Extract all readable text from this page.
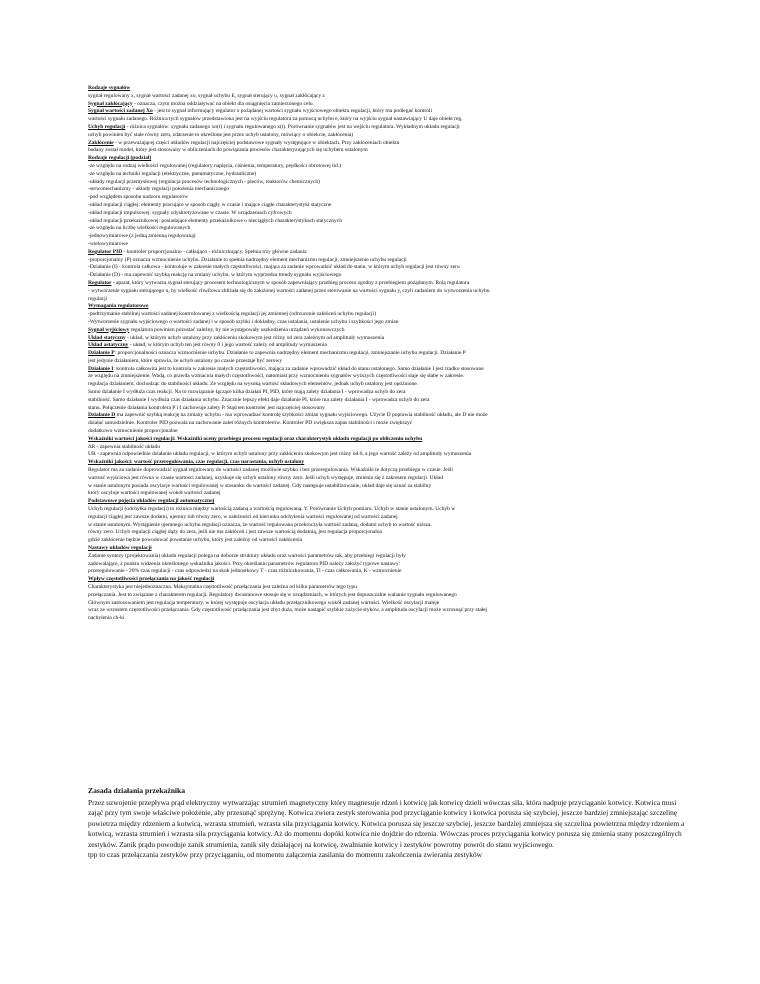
Rodzaje sygnałów

sygnał regulowany x, sygnał wartości zadanej xo, sygnał uchybu E, sygnał sterujący u, sygnał zakłócający z

Sygnał zakłócający - oznacza, czym można oddziaływać na obiekt dla osiągnięcia zamierzonego celu

Sygnał wartości zadanej Xo - jest to sygnał informujący regulator o pożądanej wartości sygnału wyjściowego obiektu regulacji, który ma podlegać kontroli

wartości sygnału zadanego. Różnica tych sygnałów przedstawiona jest na wyjściu regulatora za pomocą uchybu e, który na wyjściu sygnał nastawiający U daje obiekt reg.

Uchyb regulacji - różnica sygnałów: sygnału zadanego xo(t) i sygnału regulowanego x(t). Porównanie sygnałów jest na wejściu regulatora. Wykładnym układu regulacji

uchyb powinien być stale równy zeru, zdarzenie to określone jest przez uchyb ustalony, mówiący o obiekcie, zakłócenia)

Zakłócenie - w przeważającej części układów regulacji najczęściej podstawowe sygnały występujące w obiektach. Przy zakłóceniach obiektu

badany został model, który jest stosowany w obliczeniach do powiązania procesów charakteryzujących się uchybem ustalonym

Rodzaje regulacji (podział)

-ze względu na rodzaj wielkości regulowanej (regulatory napięcia, ciśnienia, temperatury, prędkości obrotowej itd.)

-ze względu na techniki regulacji (elektryczne, pneumatyczne, hydrauliczne)

-układy regulacji przemysłowej (regulacja procesów technologicznych - pieców, reaktorów chemicznych)

-serwomechanizmy - układy regulacji położenia mechanicznego

-pod względem sposobu nadzoru regulatorów

-układ regulacji ciągłej: elementy pracujące w sposób ciągły w czasie i mające ciągłe charakterystyki statyczne

-układ regulacji impulsowej: sygnały zdyskretyzowane w czasie. W urządzeniach cyfrowych

-układ regulacji przekaźnikowej: posiadające elementy przekaźnikowe o nieciągłych charakterystykach statycznych

-ze względu na liczbę wielkości regulowanych

-jednowymiarowe (z jedną zmienną regulowaną)

-wielowymiarowe

Regulator PID - kontroler proporcjonalno - całkująco - różniczkujący. Spełnia trzy główne zadania

-proporcjonalny (P) oznacza wzmocnienie uchybu. Działanie to spełnia nadrzędny element mechanizmu regulacji, zmniejszenie uchybu regulacji

-Działanie (I) - kontrola całkowa - kontroluje w zakresie małych częstotliwości, mająca za zadanie wprowadzić układ do stanu, w którym uchyb regulacji jest równy zeru

-Działanie (D) - ma zapewnić szybką reakcję na zmiany uchybu, w którym wyprzedza trendy sygnału wyjściowego

Regulator - aparat, który wytwarza sygnał sterujący procesem technologicznym w sposób zapewniający przebieg procesu zgodny z przebiegiem pożądanym. Rolą regulatora

- wytworzenie sygnału sterującego u, by wielkość chwilowa zbliżała się do założonej wartości zadanej przez sterowanie na wartości sygnału y, czyli zadaniem do wytworzenia uchybu

regulacji

Wymagania regulatorowe

-podtrzymanie stabilnej wartości zadanej kontrolowanej z wielkością regulacji jej zmiennej (odrzucenie zakłóceń uchybu regulacji)

-Wytworzenie sygnału wyjściowego o wartości zadanej i w sposób szybki i dokładny, czas ustalania, ustalenie uchybu i szybkości jego zmian

Sygnał wyjściowy regulatora powinien pozostać zależny, by nie występowały uszkodzenia urządzeń wykonawczych

Układ statyczny - układ, w którym uchyb ustalony przy zakłóceniu skokowym jest różny od zera zależnym od amplitudy wymuszenia

Układ astatyczny - układ, w którym uchyb ten jest równy 0 i jego wartość zależy od amplitudy wymuszenia

Działanie P: proporcjonalności oznacza wzmocnienie uchybu. Działanie to zapewnia nadrzędny element mechanizmu regulacji, zmniejszanie uchybu regulacji. Działanie P

jest jedynie działaniem, które sprawia, że uchyb ustalony po czasie przestaje być zerowy

Działanie I: kontrola całkowita jest to kontrola w zakresie małych częstotliwości, mająca za zadanie wprowadzić układ do stanu ustalonego. Samo działanie I jest rzadko stosowane

ze względu na zmniejszenie. Wadą, co prawda wzmacnia małych częstotliwości, natomiast przy wzmocnieniu sygnałów wyższych częstotliwości staje się słabe w zakresie.

regulacja działaniem, dochodząc do stabilności układu. Ze względu na wysoką wartość składowych elementów, jednak uchyb ustalony jest opóźnione.

Samo działanie I wydłuża czas reakcji. Na to rozwiązanie łączące kilka działań PI, PID, które mają zalety działania I - wprowadza uchyb do zera

stabilność. Samo działanie I wydłuża czas działania uchybu. Znacznie lepszy efekt daje działanie PI, które ma zalety działania I - wprowadza uchyb do zera

stanu. Połączenie działania kontrolera P i I zachowuje zalety P. Stąd ten kontroler jest najczęściej stosowany

Działanie D ma zapewnić szybką reakcję na zmiany uchybu - ma wprowadzać kontrolę szybkości zmian sygnału wyjściowego. Użycie D poprawia stabilność układu, ale D nie może

działać samodzielnie. Kontroler PID pozwala na zachowanie zalet różnych kontrolerów. Kontroler PD zwiększa zapas stabilności i może zwiększyć

dodatkowo wzmocnienie proporcjonalne

Wskaźniki wartości jakości regulacji: Wskaźniki oceny przebiegu procesu regulacji oraz charakterystyk układu regulacji po obliczeniu uchybu

ΔR - zapewnia stabilność układu

UR - zapewnia odpowiednie działanie układu regulacji, w którym uchyb ustalony przy zakłóceniu skokowym jest różny od 0, a jego wartość zależy od amplitudy wymuszenia

Wskaźniki jakości: wartość przeregulowania, czas regulacji, czas narastania, uchyb ustalony

Regulator ma za zadanie doprowadzić sygnał regulowany do wartości zadanej możliwie szybko i bez przeregulowania. Wskaźniki te dotyczą przebiegu w czasie. Jeśli

wartość wyjściowa jest równa w czasie wartości zadanej, uzyskuje się uchyb ustalony równy zero. Jeśli uchyb występuje, zmienia się z zakresem regulacji. Układ

w stanie ustalonym posiada oscylacje wartości regulowanej w stosunku do wartości zadanej. Gdy następuje ustabilizowanie, układ daje się uznać za stabilny

który oscyluje wartości regulowanej wokół wartości zadanej

Podstawowe pojęcia układów regulacji automatycznej

Uchyb regulacji (odchyłka regulacji) to różnica między wartością zadaną a wartością regulowaną. Y. Porównanie Uchyb pomiaru. Uchyb w stanie ustalonym. Uchyb w

regulacji ciągłej jest zawsze dodatni, ujemny lub równy zero, w zależności od kierunku odchylenia wartości regulowanej od wartości zadanej

w stanie ustalonym. Wystąpienie ujemnego uchybu regulacji oznacza, że wartość regulowana przekroczyła wartość zadaną, dodatni uchyb to wartość niższa.

równy zero. Uchyb regulacji ciągłej dąży do zera, jeśli nie ma zakłóceń i jest zawsze wartością dodatnią, jest regulacja proporcjonalna

gdzie zakłócenie będzie powodować powstanie uchybu, który jest zależny od wartości zakłócenia

Nastawy układów regulacji

Zadanie syntezy (projektowania) układu regulacji polega na doborze struktury układu oraz wartości parametrów tak, aby przebiegi regulacji były

zadowalające, z punktu widzenia określonego wskaźnika jakości. Przy określaniu parametrów regulatora PID należy założyć typowe nastawy:

przeregulowanie - 20% czas regulacji - czas odpowiedzi na skok jednostkowy T - czas różniczkowania, Ti - czas całkowania, K - wzmocnienie

Wpływ częstotliwości przełączania na jakość regulacji

Charakterystyka jest niejednoznaczna. Maksymalna częstotliwość przełączania jest zależna od kilku parametrów tego typu

przełączania. Jest to związane z charakterem regulacji. Regulatory dwustanowe stosuje się w urządzeniach, w których jest dopuszczalne wahanie sygnału regulowanego

Głównym zastosowaniem jest regulacja temperatury, w której występuje oscylacja układu przełącznikowego wokół zadanej wartości. Wielkość oscylacji maleje

wraz ze wzrostem częstotliwości przełączania. Gdy częstotliwość przełączania jest zbyt duża, może nastąpić szybkie zużycie styków, a amplituda oscylacji może wzrosnąć przy stałej

nachylenia ch-ki

Zasada działania przekaźnika

Przez uzwojenie przepływa prąd elektryczny wytwarzając strumień magnetyczny który magnesuje rdzeń i kotwicę jak kotwicę dzieli wówczas siła, która nadpuje przyciąganie kotwicy. Kotwica musi zająć przy tym swoje właściwe położenie, aby przesunąć sprężynę. Kotwica zwiera zestyk sterowania pod przyciąganie kotwicy i kotwica porusza się szybciej, jeszcze bardziej zmniejszając szczelinę powietrza między rdzeniem a kotwicą, wzrasta strumień, wzrasta siła przyciągania kotwicy. Kotwica porusza się jeszcze szybciej, jeszcze bardziej zmniejsza się szczelina powietrzna między rdzeniem a kotwicą, wzrasta strumień i wzrasta siła przyciągania kotwicy. Aż do momentu dopóki kotwica nie dojdzie do rdzenia. Wówczas proces przyciągania kotwicy porusza się zmienia stany poszczególnych zestyków. Zanik prądu powoduje zanik strumienia, zanik siły działającej na kotwicę, zwalnianie kotwicy i zestyków powrotny powrót do stanu wyjściowego.

tpp to czas przełączania zestyków przy przyciąganiu, od momentu załączenia zasilania do momentu zakończenia zwierania zestyków
